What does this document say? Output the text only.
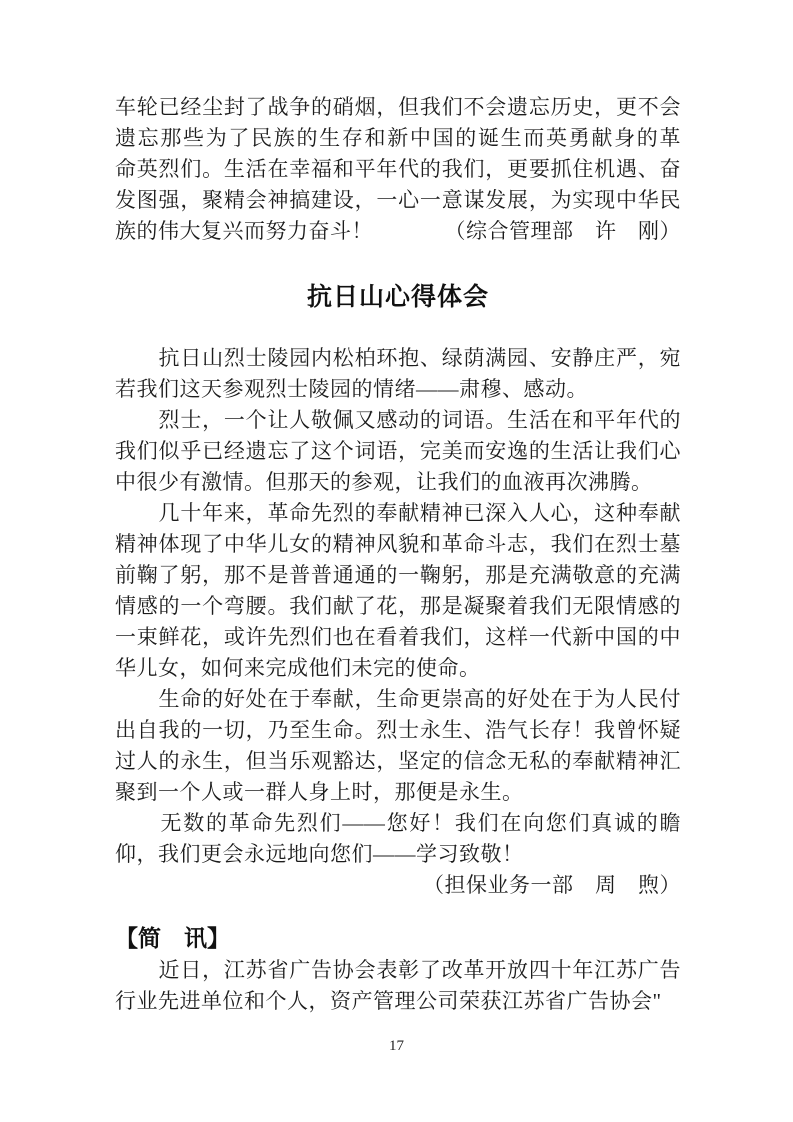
车轮已经尘封了战争的硝烟，但我们不会遗忘历史，更不会
遗忘那些为了民族的生存和新中国的诞生而英勇献身的革
命英烈们。生活在幸福和平年代的我们，更要抓住机遇、奋
发图强，聚精会神搞建设，一心一意谋发展，为实现中华民
族的伟大复兴而努力奋斗！	（综合管理部　许　刚）
抗日山心得体会
　　抗日山烈士陵园内松柏环抱、绿荫满园、安静庄严，宛
若我们这天参观烈士陵园的情绪——肃穆、感动。
　　烈士，一个让人敬佩又感动的词语。生活在和平年代的
我们似乎已经遗忘了这个词语，完美而安逸的生活让我们心
中很少有激情。但那天的参观，让我们的血液再次沸腾。
　　几十年来，革命先烈的奉献精神已深入人心，这种奉献
精神体现了中华儿女的精神风貌和革命斗志，我们在烈士墓
前鞠了躬，那不是普普通通的一鞠躬，那是充满敬意的充满
情感的一个弯腰。我们献了花，那是凝聚着我们无限情感的
一束鲜花，或许先烈们也在看着我们，这样一代新中国的中
华儿女，如何来完成他们未完的使命。
　　生命的好处在于奉献，生命更崇高的好处在于为人民付
出自我的一切，乃至生命。烈士永生、浩气长存！我曾怀疑
过人的永生，但当乐观豁达，坚定的信念无私的奉献精神汇
聚到一个人或一群人身上时，那便是永生。
　　无数的革命先烈们——您好！我们在向您们真诚的瞻
仰，我们更会永远地向您们——学习致敬！
（担保业务一部　周　煦）
【简　讯】
　　近日，江苏省广告协会表彰了改革开放四十年江苏广告
行业先进单位和个人，资产管理公司荣获江苏省广告协会"
17
